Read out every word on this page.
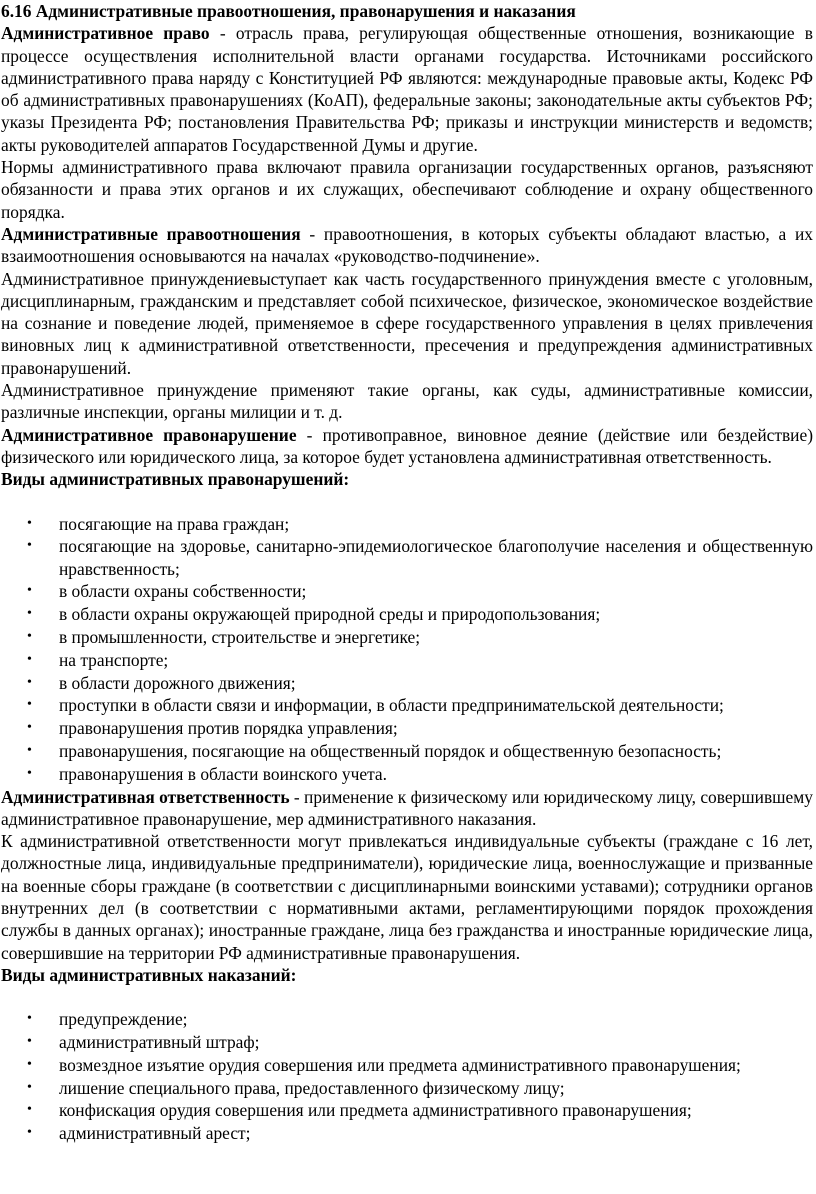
6.16 Административные правоотношения, правонарушения и наказания

Административное право - отрасль права, регулирующая общественные отношения, возникающие в процессе осуществления исполнительной власти органами государства. Источниками российского административного права наряду с Конституцией РФ являются: международные правовые акты, Кодекс РФ об административных правонарушениях (КоАП), федеральные законы; законодательные акты субъектов РФ; указы Президента РФ; постановления Правительства РФ; приказы и инструкции министерств и ведомств; акты руководителей аппаратов Государственной Думы и другие.

Нормы административного права включают правила организации государственных органов, разъясняют обязанности и права этих органов и их служащих, обеспечивают соблюдение и охрану общественного порядка.

Административные правоотношения - правоотношения, в которых субъекты обладают властью, а их взаимоотношения основываются на началах «руководство-подчинение».

Административное принуждениевыступает как часть государственного принуждения вместе с уголовным, дисциплинарным, гражданским и представляет собой психическое, физическое, экономическое воздействие на сознание и поведение людей, применяемое в сфере государственного управления в целях привлечения виновных лиц к административной ответственности, пресечения и предупреждения административных правонарушений.

Административное принуждение применяют такие органы, как суды, административные комиссии, различные инспекции, органы милиции и т. д.

Административное правонарушение - противоправное, виновное деяние (действие или бездействие) физического или юридического лица, за которое будет установлена административная ответственность.

Виды административных правонарушений:

• посягающие на права граждан;
• посягающие на здоровье, санитарно-эпидемиологическое благополучие населения и общественную нравственность;
• в области охраны собственности;
• в области охраны окружающей природной среды и природопользования;
• в промышленности, строительстве и энергетике;
• на транспорте;
• в области дорожного движения;
• проступки в области связи и информации, в области предпринимательской деятельности;
• правонарушения против порядка управления;
• правонарушения, посягающие на общественный порядок и общественную безопасность;
• правонарушения в области воинского учета.

Административная ответственность - применение к физическому или юридическому лицу, совершившему административное правонарушение, мер административного наказания.

К административной ответственности могут привлекаться индивидуальные субъекты (граждане с 16 лет, должностные лица, индивидуальные предприниматели), юридические лица, военнослужащие и призванные на военные сборы граждане (в соответствии с дисциплинарными воинскими уставами); сотрудники органов внутренних дел (в соответствии с нормативными актами, регламентирующими порядок прохождения службы в данных органах); иностранные граждане, лица без гражданства и иностранные юридические лица, совершившие на территории РФ административные правонарушения.

Виды административных наказаний:

• предупреждение;
• административный штраф;
• возмездное изъятие орудия совершения или предмета административного правонарушения;
• лишение специального права, предоставленного физическому лицу;
• конфискация орудия совершения или предмета административного правонарушения;
• административный арест;
